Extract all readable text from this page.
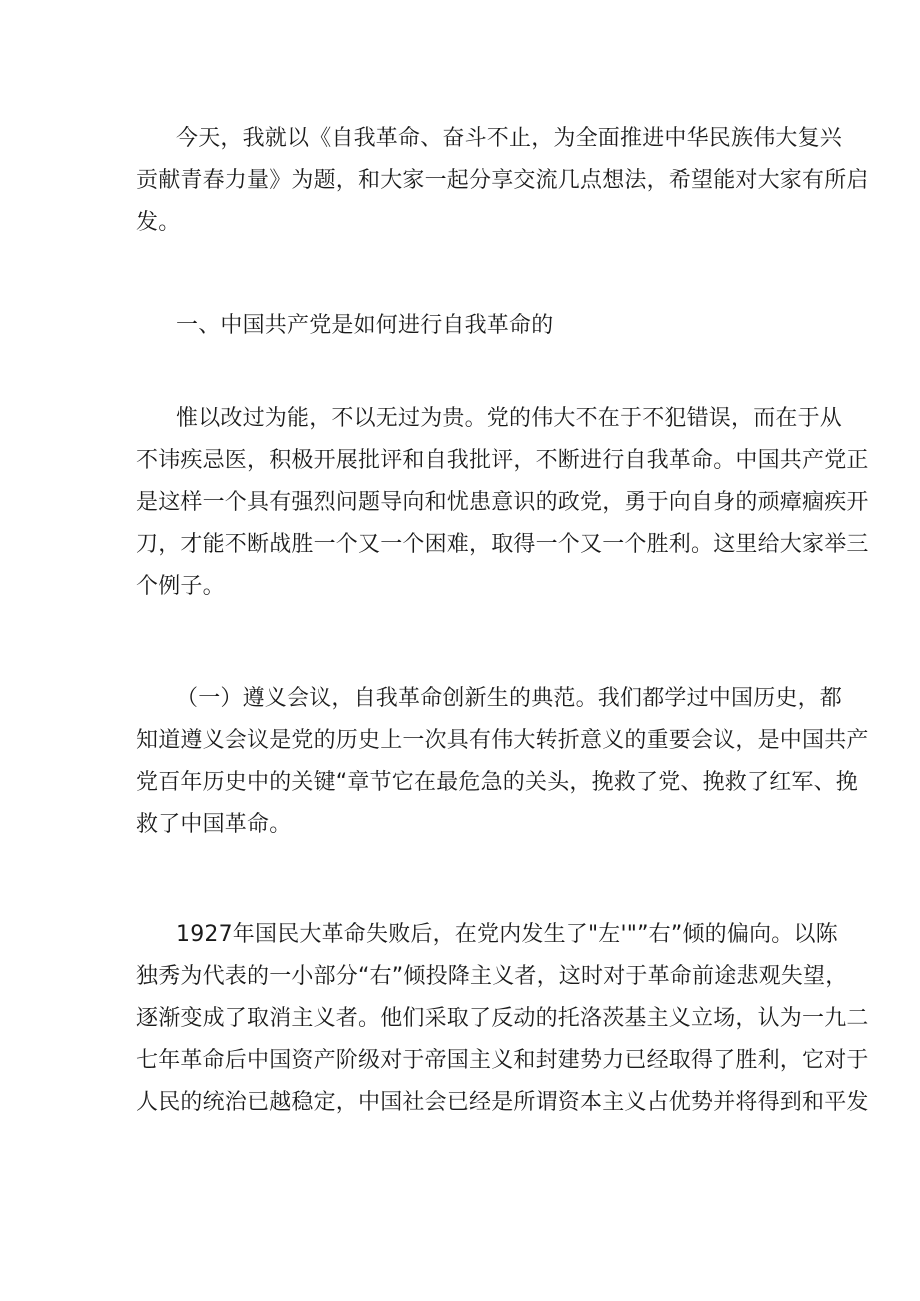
今天，我就以《自我革命、奋斗不止，为全面推进中华民族伟大复兴
贡献青春力量》为题，和大家一起分享交流几点想法，希望能对大家有所启
发。
一、中国共产党是如何进行自我革命的
惟以改过为能，不以无过为贵。党的伟大不在于不犯错误，而在于从
不讳疾忌医，积极开展批评和自我批评，不断进行自我革命。中国共产党正
是这样一个具有强烈问题导向和忧患意识的政党，勇于向自身的顽瘴痼疾开
刀，才能不断战胜一个又一个困难，取得一个又一个胜利。这里给大家举三
个例子。
（一）遵义会议，自我革命创新生的典范。我们都学过中国历史，都
知道遵义会议是党的历史上一次具有伟大转折意义的重要会议，是中国共产
党百年历史中的关键“章节它在最危急的关头，挽救了党、挽救了红军、挽
救了中国革命。
1927年国民大革命失败后，在党内发生了"左'"”右”倾的偏向。以陈
独秀为代表的一小部分“右”倾投降主义者，这时对于革命前途悲观失望，
逐渐变成了取消主义者。他们采取了反动的托洛茨基主义立场，认为一九二
七年革命后中国资产阶级对于帝国主义和封建势力已经取得了胜利，它对于
人民的统治已越稳定，中国社会已经是所谓资本主义占优势并将得到和平发
